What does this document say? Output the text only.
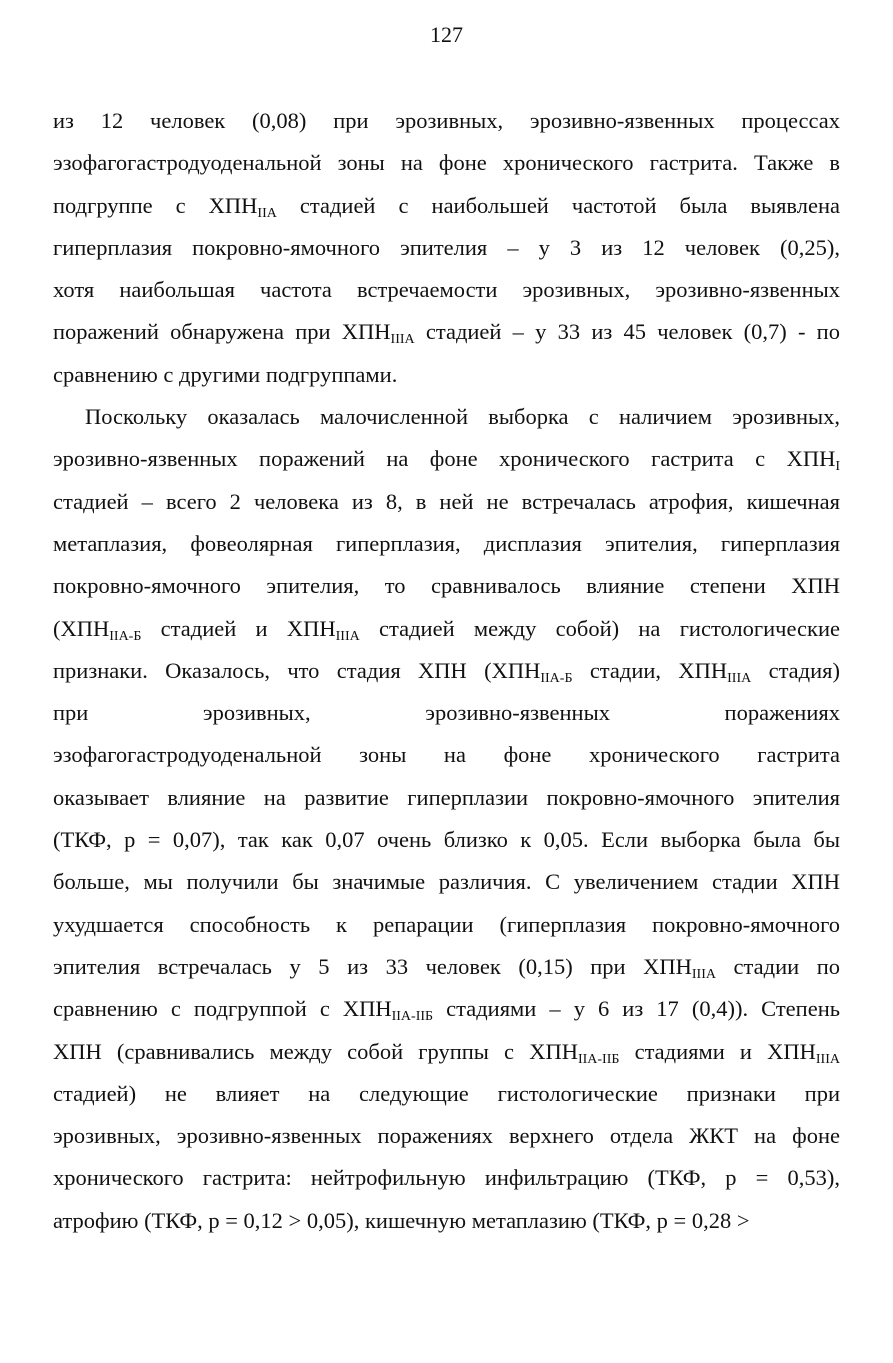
127
из 12 человек (0,08) при эрозивных, эрозивно-язвенных процессах
эзофагогастродуоденальной зоны на фоне хронического гастрита. Также в
подгруппе с $ХПН_{IIA}$ стадией с наибольшей частотой была выявлена
гиперплазия покровно-ямочного эпителия – у 3 из 12 человек (0,25),
хотя наибольшая частота встречаемости эрозивных, эрозивно-язвенных
поражений обнаружена при $ХПН_{IIIA}$ стадией – у 33 из 45 человек (0,7) - по
сравнению с другими подгруппами.
Поскольку оказалась малочисленной выборка с наличием эрозивных,
эрозивно-язвенных поражений на фоне хронического гастрита с $ХПН_I$
стадией – всего 2 человека из 8, в ней не встречалась атрофия, кишечная
метаплазия, фовеолярная гиперплазия, дисплазия эпителия, гиперплазия
покровно-ямочного эпителия, то сравнивалось влияние степени ХПН
($ХПН_{IIA-Б}$ стадией и $ХПН_{IIIA}$ стадией между собой) на гистологические
признаки. Оказалось, что стадия ХПН ($ХПН_{IIA-Б}$ стадии, $ХПН_{IIIA}$ стадия)
при эрозивных, эрозивно-язвенных поражениях
эзофагогастродуоденальной зоны на фоне хронического гастрита
оказывает влияние на развитие гиперплазии покровно-ямочного эпителия
(ТКФ, p = 0,07), так как 0,07 очень близко к 0,05. Если выборка была бы
больше, мы получили бы значимые различия. С увеличением стадии ХПН
ухудшается способность к репарации (гиперплазия покровно-ямочного
эпителия встречалась у 5 из 33 человек (0,15) при $ХПН_{IIIA}$ стадии по
сравнению с подгруппой с $ХПН_{IIA-IIБ}$ стадиями – у 6 из 17 (0,4)). Степень
ХПН (сравнивались между собой группы с $ХПН_{IIA-IIБ}$ стадиями и $ХПН_{IIIA}$
стадией) не влияет на следующие гистологические признаки при
эрозивных, эрозивно-язвенных поражениях верхнего отдела ЖКТ на фоне
хронического гастрита: нейтрофильную инфильтрацию (ТКФ, p = 0,53),
атрофию (ТКФ, p = 0,12 > 0,05), кишечную метаплазию (ТКФ, p = 0,28 >
